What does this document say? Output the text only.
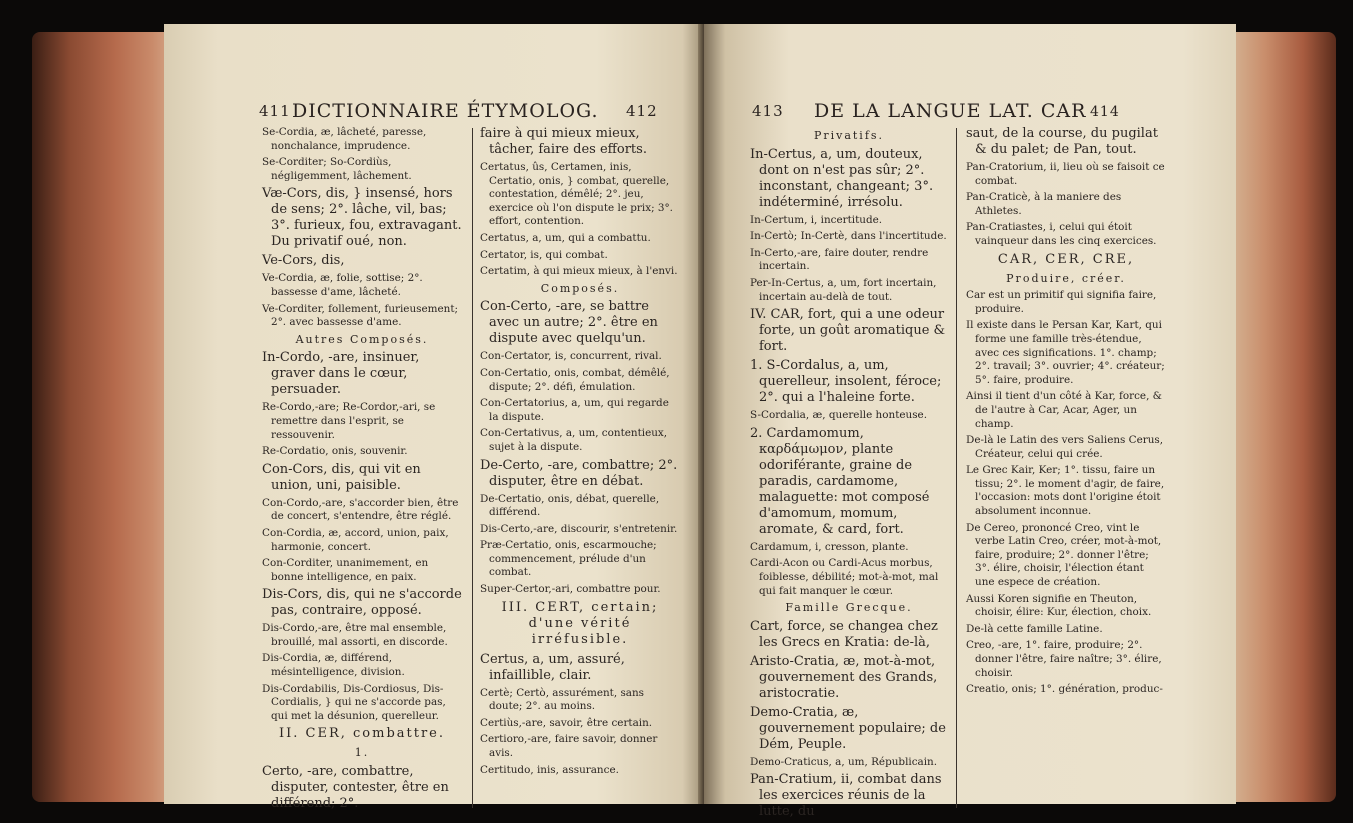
411 DICTIONNAIRE ÉTYMOLOG. 412

Se-Cordia, æ, lâcheté, paresse, nonchalance, imprudence.

Se-Corditer; So-Cordiùs, négligemment, lâchement.

Væ-Cors, dis, } insensé, hors de sens; 2°. lâche, vil, bas; 3°. furieux, fou, extravagant. Du privatif oué, non.

Ve-Cors, dis,

Ve-Cordia, æ, folie, sottise; 2°. bassesse d'ame, lâcheté.

Ve-Corditer, follement, furieusement; 2°. avec bassesse d'ame.

Autres Composés.

In-Cordo, -are, insinuer, graver dans le cœur, persuader.

Re-Cordo,-are; Re-Cordor,-ari, se remettre dans l'esprit, se ressouvenir.

Re-Cordatio, onis, souvenir.

Con-Cors, dis, qui vit en union, uni, paisible.

Con-Cordo,-are, s'accorder bien, être de concert, s'entendre, être réglé.

Con-Cordia, æ, accord, union, paix, harmonie, concert.

Con-Corditer, unanimement, en bonne intelligence, en paix.

Dis-Cors, dis, qui ne s'accorde pas, contraire, opposé.

Dis-Cordo,-are, être mal ensemble, brouillé, mal assorti, en discorde.

Dis-Cordia, æ, différend, mésintelligence, division.

Dis-Cordabilis, Dis-Cordiosus, Dis-Cordialis, } qui ne s'accorde pas, qui met la désunion, querelleur.

II. CER, combattre.

1.

Certo, -are, combattre, disputer, contester, être en différend; 2°.

faire à qui mieux mieux, tâcher, faire des efforts.

Certatus, ûs, Certamen, inis, Certatio, onis, } combat, querelle, contestation, démêlé; 2°. jeu, exercice où l'on dispute le prix; 3°. effort, contention.

Certatus, a, um, qui a combattu.

Certator, is, qui combat.

Certatim, à qui mieux mieux, à l'envi.

Composés.

Con-Certo, -are, se battre avec un autre; 2°. être en dispute avec quelqu'un.

Con-Certator, is, concurrent, rival.

Con-Certatio, onis, combat, démêlé, dispute; 2°. défi, émulation.

Con-Certatorius, a, um, qui regarde la dispute.

Con-Certativus, a, um, contentieux, sujet à la dispute.

De-Certo, -are, combattre; 2°. disputer, être en débat.

De-Certatio, onis, débat, querelle, différend.

Dis-Certo,-are, discourir, s'entretenir.

Præ-Certatio, onis, escarmouche; commencement, prélude d'un combat.

Super-Certor,-ari, combattre pour.

III. CERT, certain; d'une vérité irréfusible.

Certus, a, um, assuré, infaillible, clair.

Certè; Certò, assurément, sans doute; 2°. au moins.

Certiùs,-are, savoir, être certain.

Certioro,-are, faire savoir, donner avis.

Certitudo, inis, assurance.

413 DE LA LANGUE LAT. CAR 414

Privatifs.

In-Certus, a, um, douteux, dont on n'est pas sûr; 2°. inconstant, changeant; 3°. indéterminé, irrésolu.

In-Certum, i, incertitude.

In-Certò; In-Certè, dans l'incertitude.

In-Certo,-are, faire douter, rendre incertain.

Per-In-Certus, a, um, fort incertain, incertain au-delà de tout.

IV. CAR, fort, qui a une odeur forte, un goût aromatique & fort.

1. S-Cordalus, a, um, querelleur, insolent, féroce; 2°. qui a l'haleine forte.

S-Cordalia, æ, querelle honteuse.

2. Cardamomum, καρδάμωμον, plante odoriférante, graine de paradis, cardamome, malaguette: mot composé d'amomum, momum, aromate, & card, fort.

Cardamum, i, cresson, plante.

Cardi-Acon ou Cardi-Acus morbus, foiblesse, débilité; mot-à-mot, mal qui fait manquer le cœur.

Famille Grecque.

Cart, force, se changea chez les Grecs en Kratia: de-là,

Aristo-Cratia, æ, mot-à-mot, gouvernement des Grands, aristocratie.

Demo-Cratia, æ, gouvernement populaire; de Dém, Peuple.

Demo-Craticus, a, um, Républicain.

Pan-Cratium, ii, combat dans les exercices réunis de la lutte, du

saut, de la course, du pugilat & du palet; de Pan, tout.

Pan-Cratorium, ii, lieu où se faisoit ce combat.

Pan-Craticè, à la maniere des Athletes.

Pan-Cratiastes, i, celui qui étoit vainqueur dans les cinq exercices.

CAR, CER, CRE,

Produire, créer.

Car est un primitif qui signifia faire, produire.

Il existe dans le Persan Kar, Kart, qui forme une famille très-étendue, avec ces significations. 1°. champ; 2°. travail; 3°. ouvrier; 4°. créateur; 5°. faire, produire.

Ainsi il tient d'un côté à Kar, force, & de l'autre à Car, Acar, Ager, un champ.

De-là le Latin des vers Saliens Cerus, Créateur, celui qui crée.

Le Grec Kair, Ker; 1°. tissu, faire un tissu; 2°. le moment d'agir, de faire, l'occasion: mots dont l'origine étoit absolument inconnue.

De Cereo, prononcé Creo, vint le verbe Latin Creo, créer, mot-à-mot, faire, produire; 2°. donner l'être; 3°. élire, choisir, l'élection étant une espece de création.

Aussi Koren signifie en Theuton, choisir, élire: Kur, élection, choix.

De-là cette famille Latine.

Creo, -are, 1°. faire, produire; 2°. donner l'être, faire naître; 3°. élire, choisir.

Creatio, onis; 1°. génération, produc-
